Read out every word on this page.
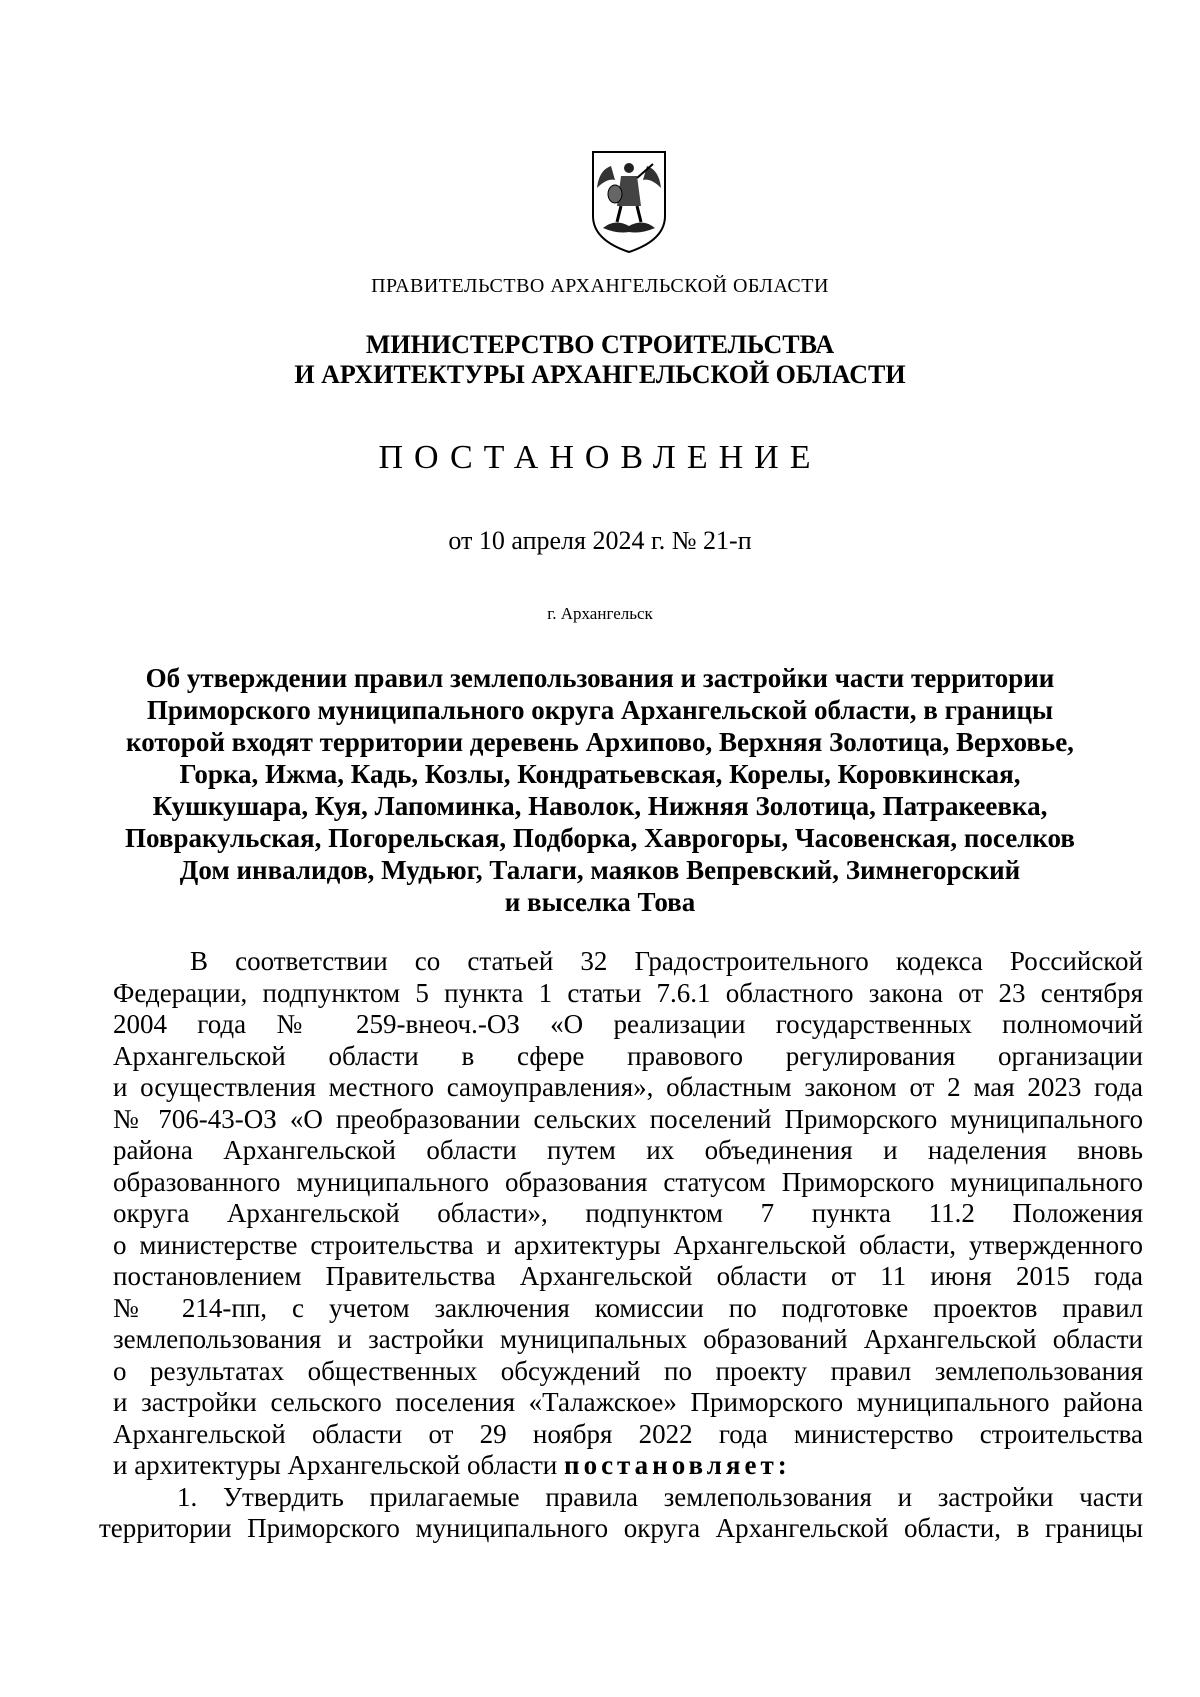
ПРАВИТЕЛЬСТВО АРХАНГЕЛЬСКОЙ ОБЛАСТИ
МИНИСТЕРСТВО СТРОИТЕЛЬСТВА
И АРХИТЕКТУРЫ АРХАНГЕЛЬСКОЙ ОБЛАСТИ
ПОСТАНОВЛЕНИЕ
от 10 апреля 2024 г. № 21-п
г. Архангельск
Об утверждении правил землепользования и застройки части территории
Приморского муниципального округа Архангельской области, в границы
которой входят территории деревень Архипово, Верхняя Золотица, Верховье,
Горка, Ижма, Кадь, Козлы, Кондратьевская, Корелы, Коровкинская,
Кушкушара, Куя, Лапоминка, Наволок, Нижняя Золотица, Патракеевка,
Повракульская, Погорельская, Подборка, Хаврогоры, Часовенская, поселков
Дом инвалидов, Мудьюг, Талаги, маяков Вепревский, Зимнегорский
и выселка Това
В соответствии со статьей 32 Градостроительного кодекса Российской
Федерации, подпунктом 5 пункта 1 статьи 7.6.1 областного закона от 23 сентября
2004 года № 259-внеоч.-ОЗ «О реализации государственных полномочий
Архангельской области в сфере правового регулирования организации
и осуществления местного самоуправления», областным законом от 2 мая 2023 года
№ 706-43-ОЗ «О преобразовании сельских поселений Приморского муниципального
района Архангельской области путем их объединения и наделения вновь
образованного муниципального образования статусом Приморского муниципального
округа Архангельской области», подпунктом 7 пункта 11.2 Положения
о министерстве строительства и архитектуры Архангельской области, утвержденного
постановлением Правительства Архангельской области от 11 июня 2015 года
№ 214-пп, с учетом заключения комиссии по подготовке проектов правил
землепользования и застройки муниципальных образований Архангельской области
о результатах общественных обсуждений по проекту правил землепользования
и застройки сельского поселения «Талажское» Приморского муниципального района
Архангельской области от 29 ноября 2022 года министерство строительства
и архитектуры Архангельской области постановляет:
1. Утвердить прилагаемые правила землепользования и застройки части
территории Приморского муниципального округа Архангельской области, в границы
